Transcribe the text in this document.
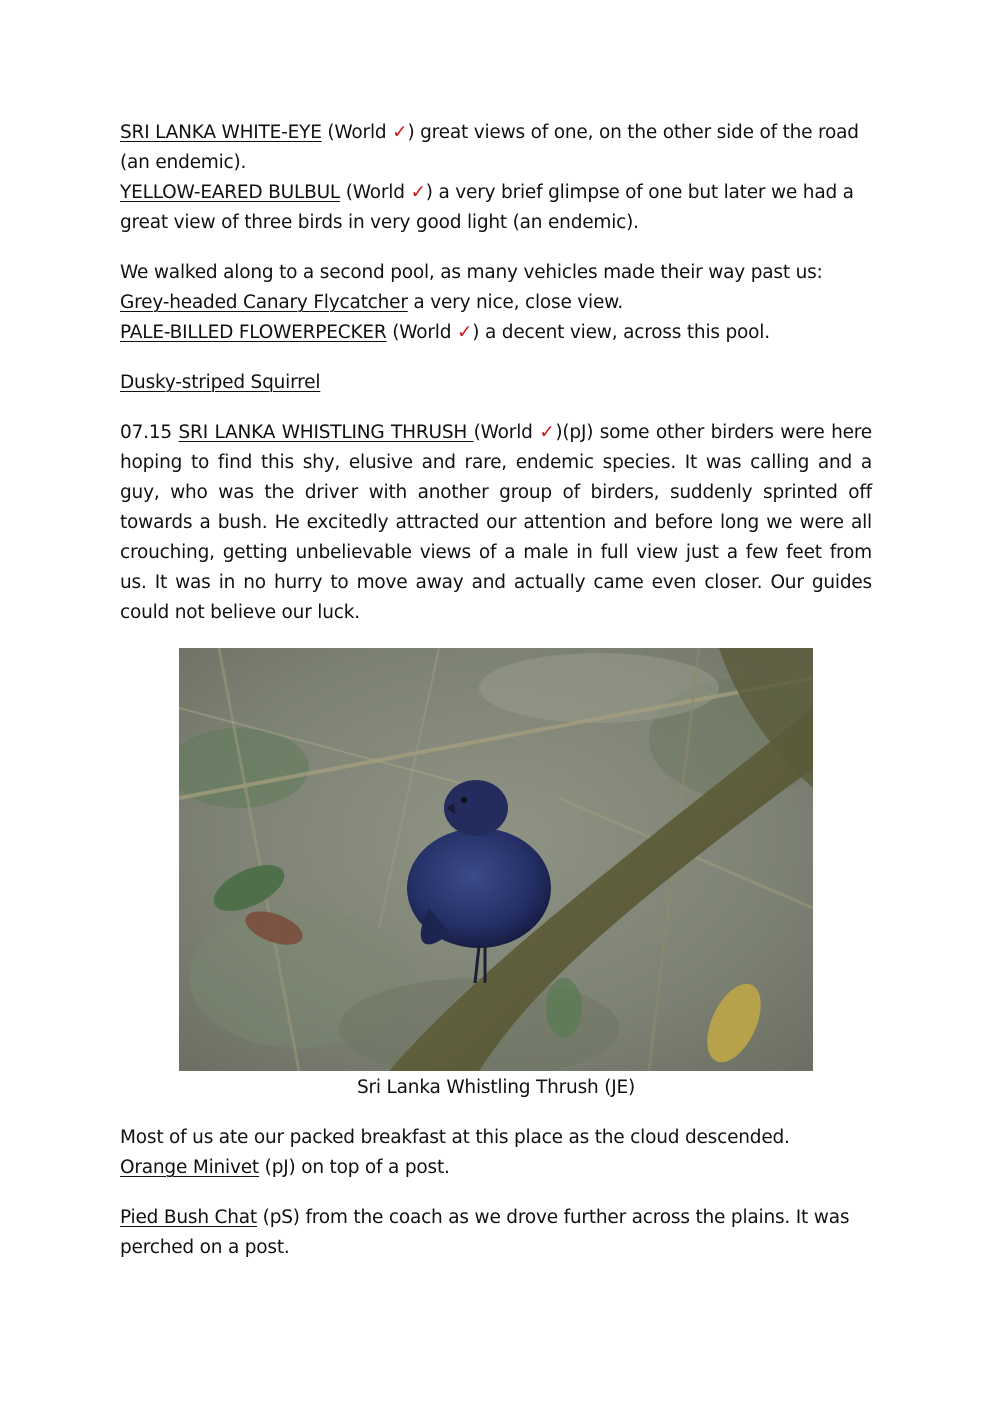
SRI LANKA WHITE-EYE (World ✓) great views of one, on the other side of the road (an endemic).

YELLOW-EARED BULBUL (World ✓) a very brief glimpse of one but later we had a great view of three birds in very good light (an endemic).

We walked along to a second pool, as many vehicles made their way past us:

Grey-headed Canary Flycatcher a very nice, close view.

PALE-BILLED FLOWERPECKER (World ✓) a decent view, across this pool.

Dusky-striped Squirrel

07.15 SRI LANKA WHISTLING THRUSH (World ✓)(pJ) some other birders were here hoping to find this shy, elusive and rare, endemic species. It was calling and a guy, who was the driver with another group of birders, suddenly sprinted off towards a bush. He excitedly attracted our attention and before long we were all crouching, getting unbelievable views of a male in full view just a few feet from us. It was in no hurry to move away and actually came even closer. Our guides could not believe our luck.

Sri Lanka Whistling Thrush (JE)

Most of us ate our packed breakfast at this place as the cloud descended.

Orange Minivet (pJ) on top of a post.

Pied Bush Chat (pS) from the coach as we drove further across the plains. It was perched on a post.
